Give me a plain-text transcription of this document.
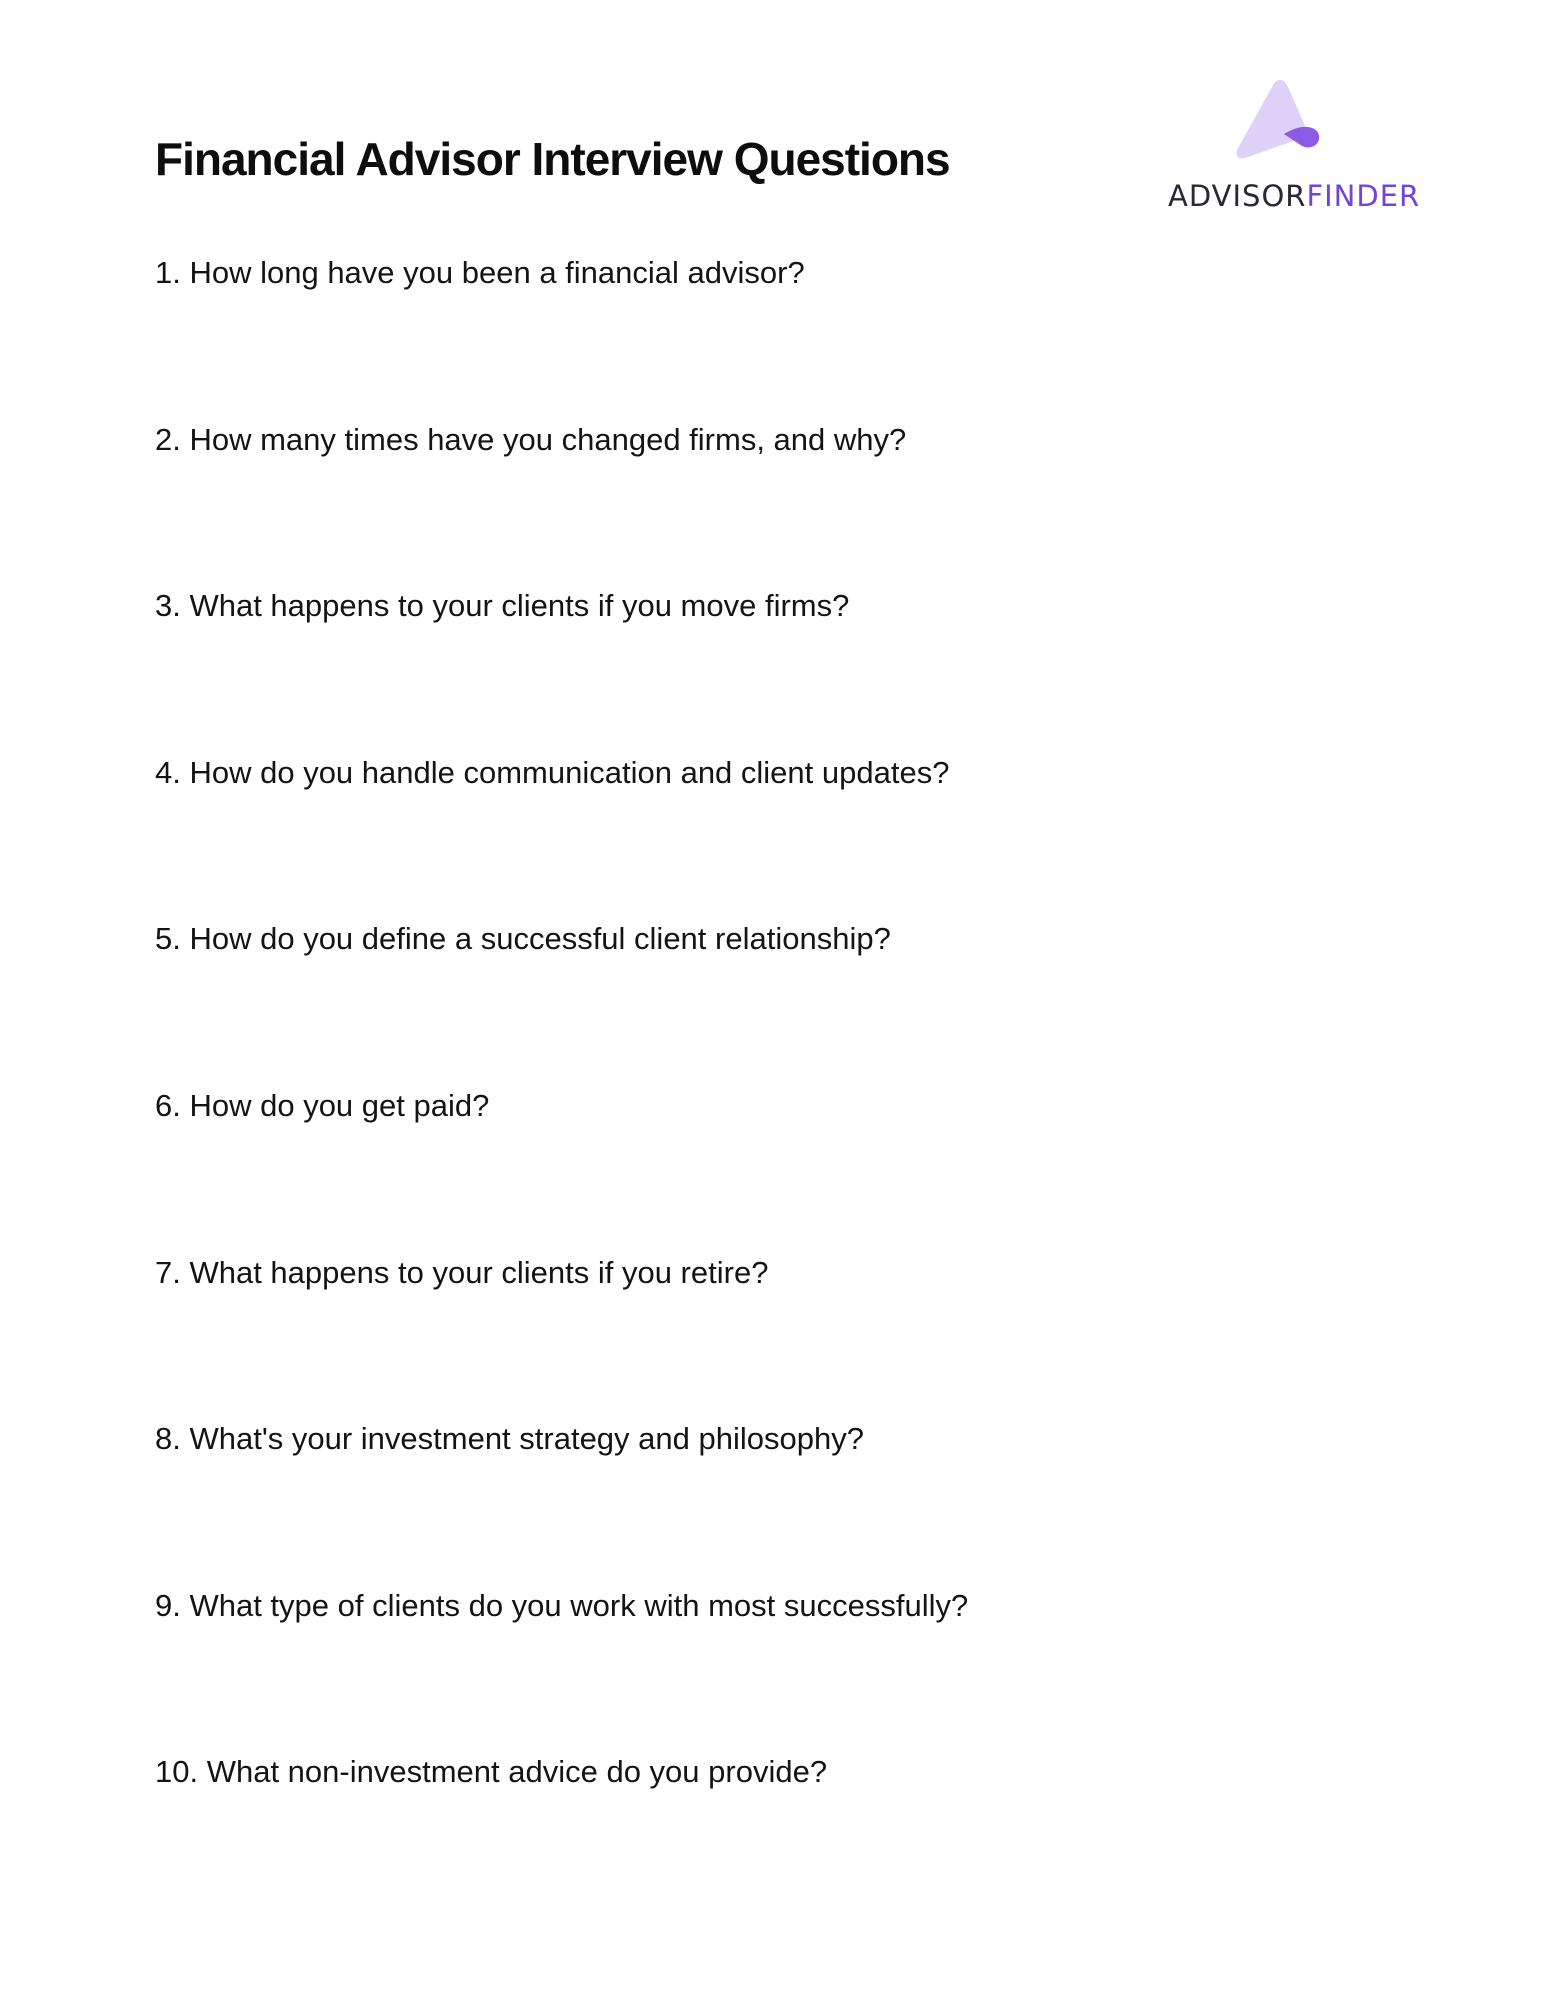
Financial Advisor Interview Questions
ADVISORFINDER
1. How long have you been a financial advisor?
2. How many times have you changed firms, and why?
3. What happens to your clients if you move firms?
4. How do you handle communication and client updates?
5. How do you define a successful client relationship?
6. How do you get paid?
7. What happens to your clients if you retire?
8. What's your investment strategy and philosophy?
9. What type of clients do you work with most successfully?
10. What non-investment advice do you provide?
